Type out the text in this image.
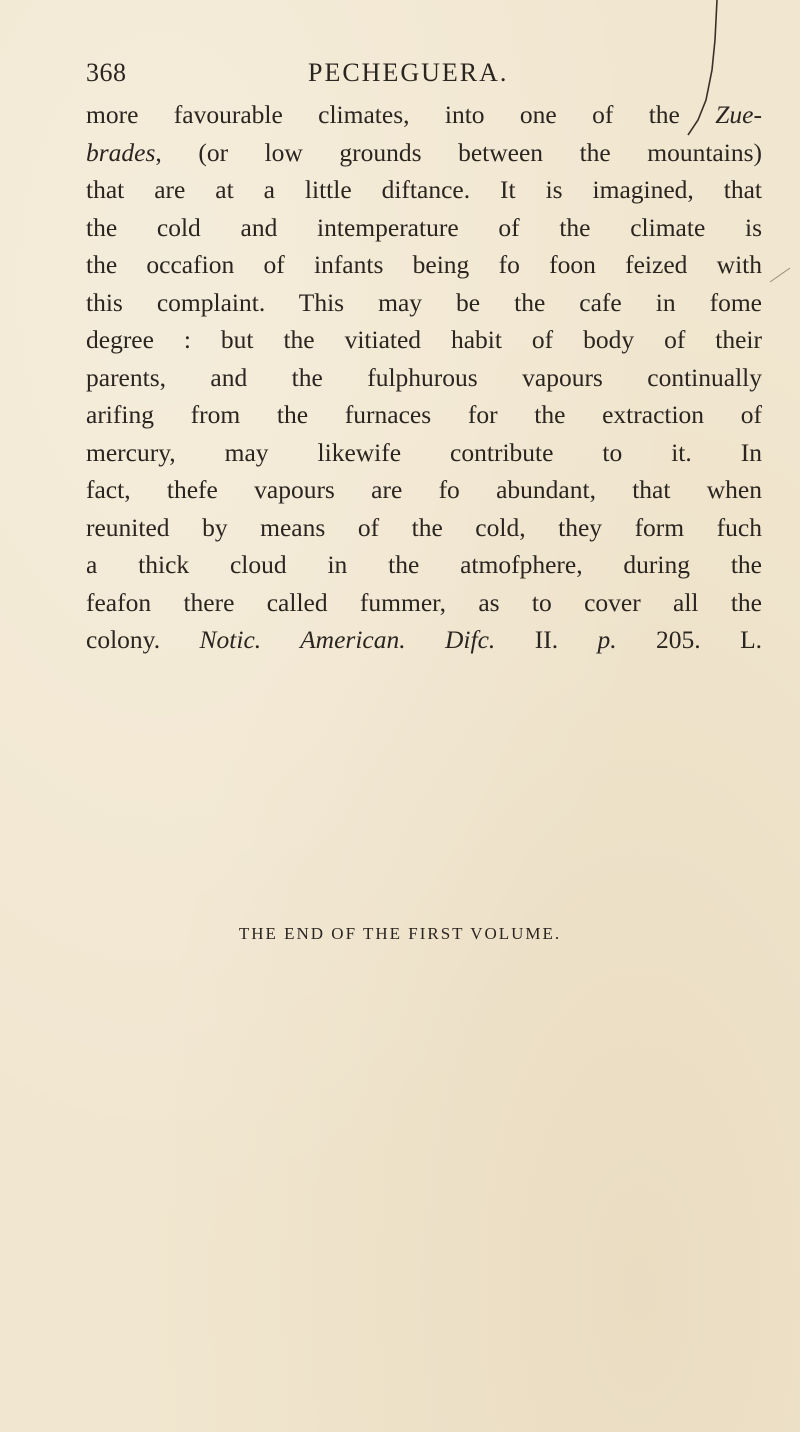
368	PECHEGUERA.
more favourable climates, into one of the Zue-
brades, (or low grounds between the mountains)
that are at a little diftance. It is imagined, that
the cold and intemperature of the climate is
the occafion of infants being fo foon feized with
this complaint. This may be the cafe in fome
degree : but the vitiated habit of body of their
parents, and the fulphurous vapours continually
arifing from the furnaces for the extraction of
mercury, may likewife contribute to it. In
fact, thefe vapours are fo abundant, that when
reunited by means of the cold, they form fuch
a thick cloud in the atmofphere, during the
feafon there called fummer, as to cover all the
colony. Notic. American. Difc. II. p. 205. L.
THE END OF THE FIRST VOLUME.
